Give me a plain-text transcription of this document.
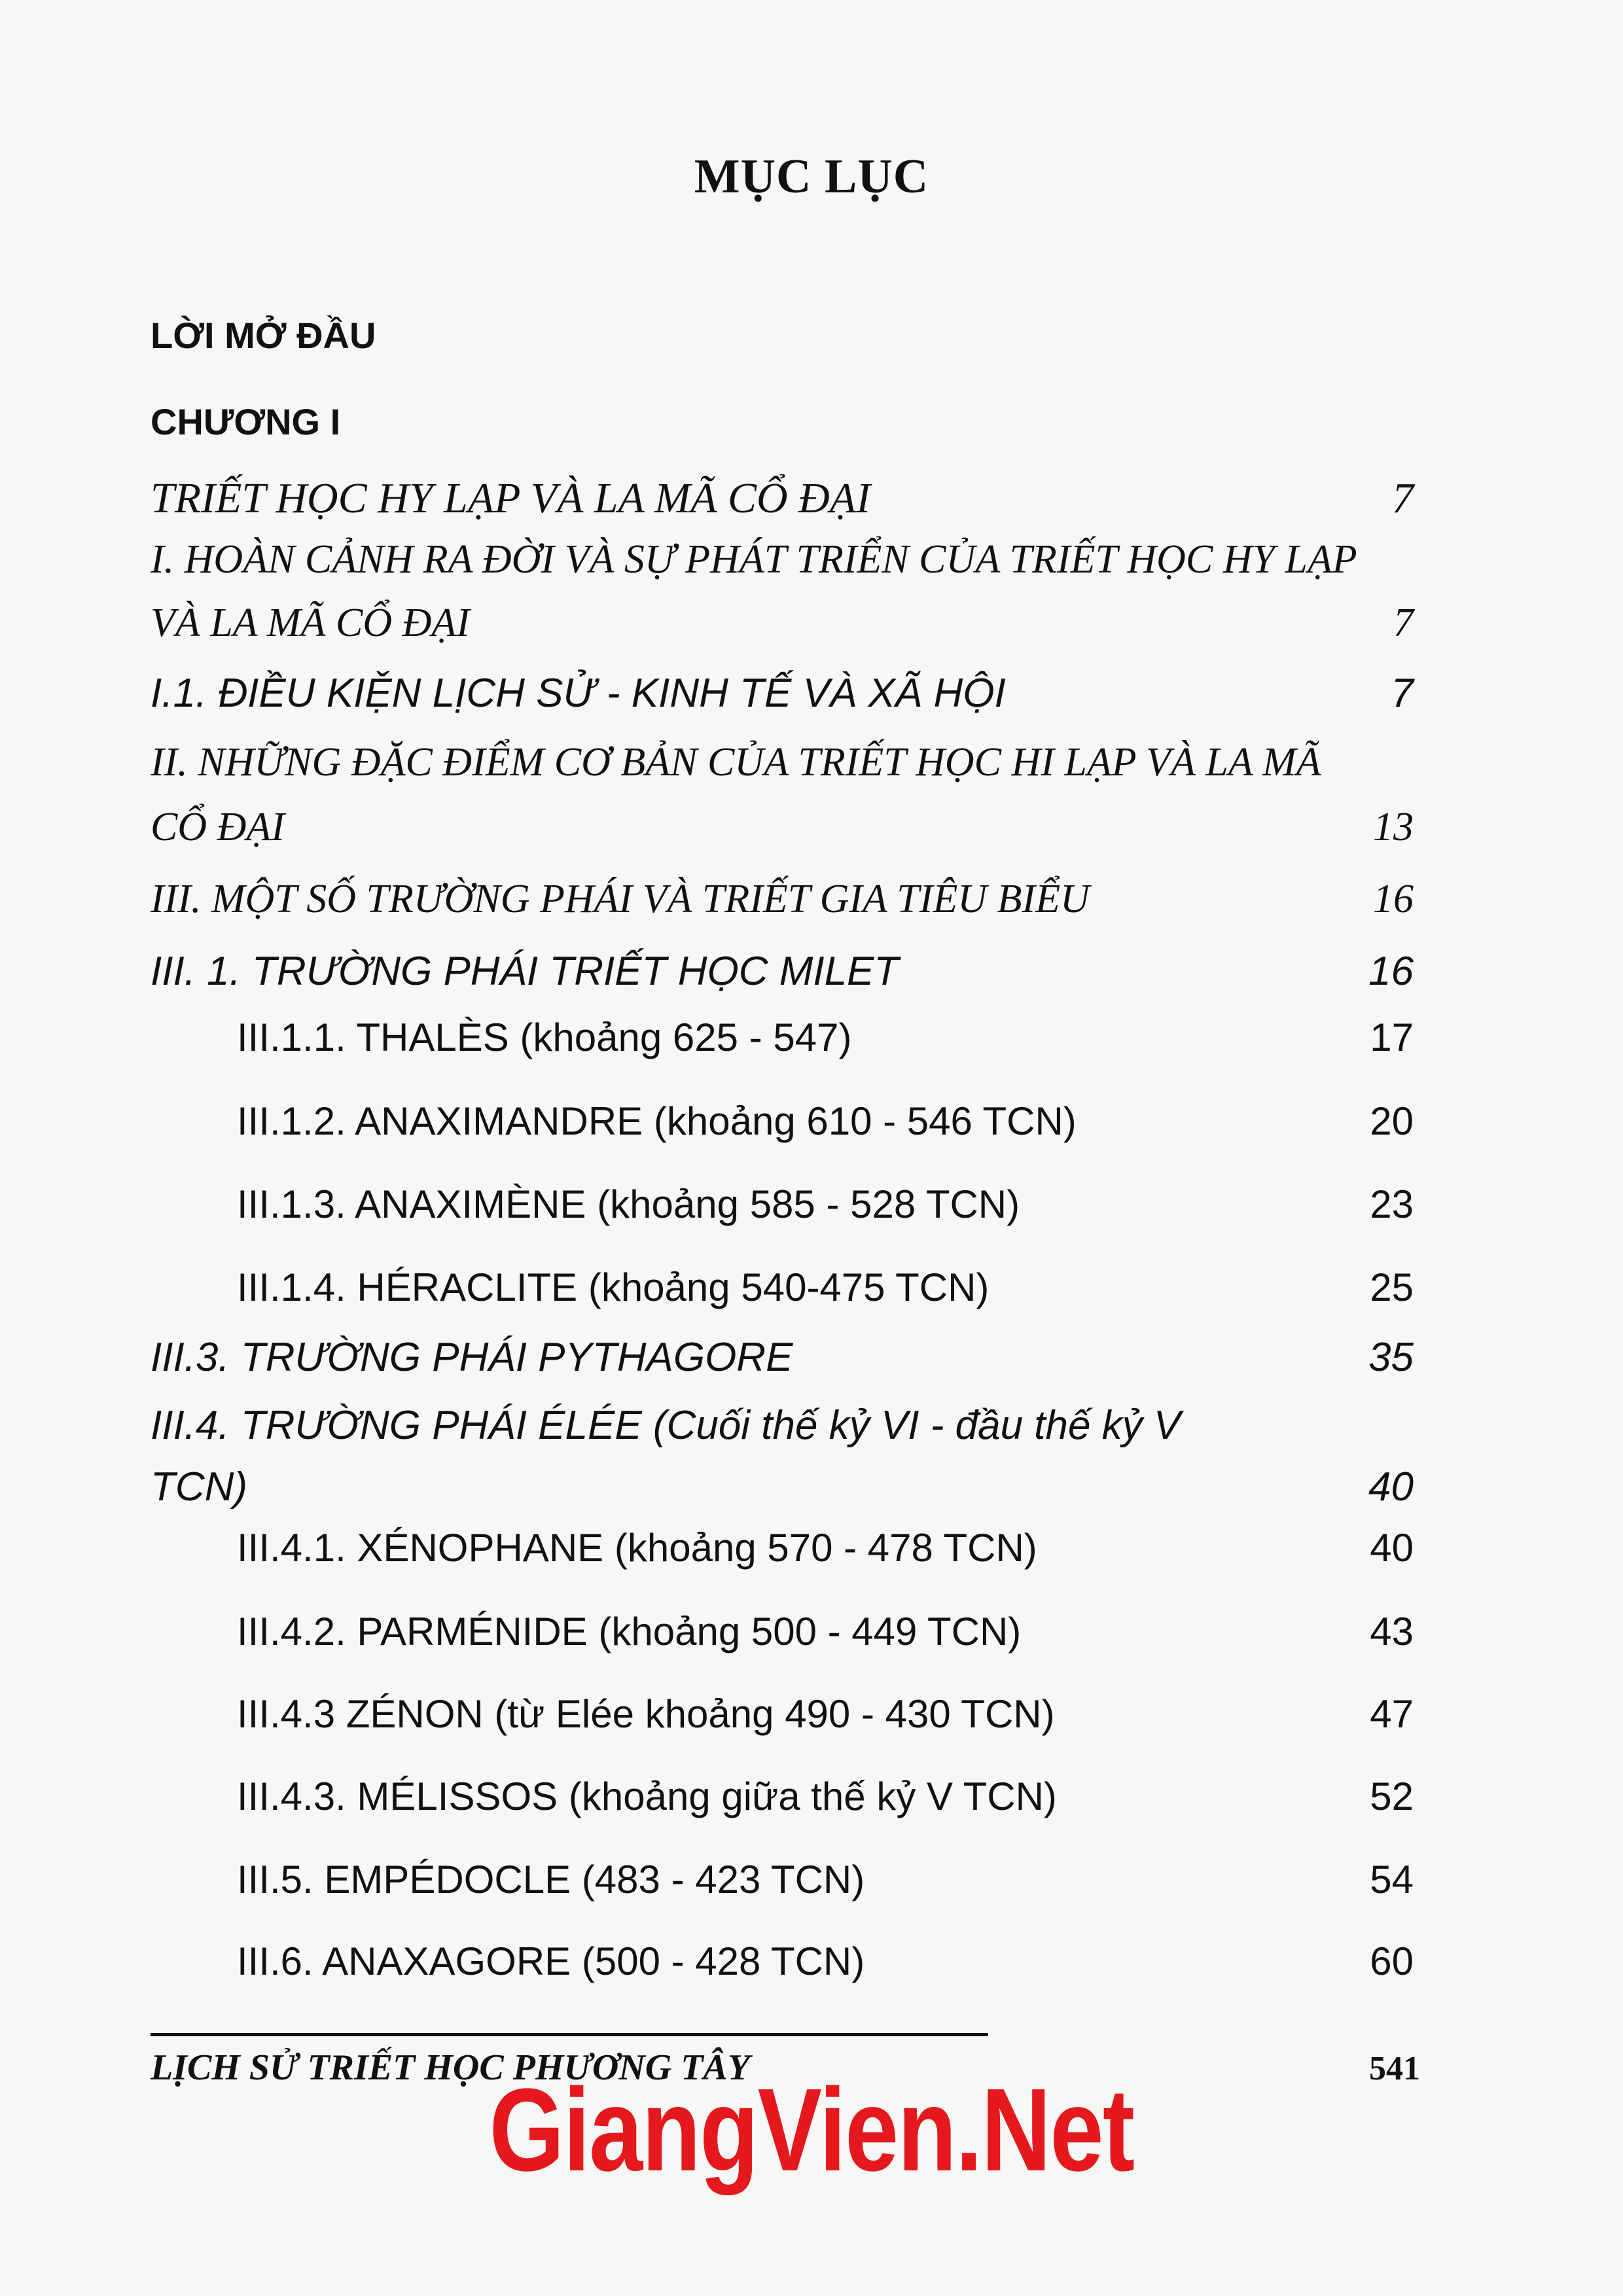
MỤC LỤC
LỜI MỞ ĐẦU
CHƯƠNG I
TRIẾT HỌC HY LẠP VÀ LA MÃ CỔ ĐẠI	7
I. HOÀN CẢNH RA ĐỜI VÀ SỰ PHÁT TRIỂN CỦA TRIẾT HỌC HY LẠP
VÀ LA MÃ CỔ ĐẠI	7
I.1. ĐIỀU KIỆN LỊCH SỬ - KINH TẾ VÀ XÃ HỘI	7
II. NHỮNG ĐẶC ĐIỂM CƠ BẢN CỦA TRIẾT HỌC HI LẠP VÀ LA MÃ
CỔ ĐẠI	13
III. MỘT SỐ TRƯỜNG PHÁI VÀ TRIẾT GIA TIÊU BIỂU	16
III. 1. TRƯỜNG PHÁI TRIẾT HỌC MILET	16
III.1.1. THALÈS (khoảng 625 - 547)	17
III.1.2. ANAXIMANDRE (khoảng 610 - 546 TCN)	20
III.1.3. ANAXIMÈNE (khoảng 585 - 528 TCN)	23
III.1.4. HÉRACLITE (khoảng 540-475 TCN)	25
III.3. TRƯỜNG PHÁI PYTHAGORE	35
III.4. TRƯỜNG PHÁI ÉLÉE (Cuối thế kỷ VI - đầu thế kỷ V
TCN)	40
III.4.1. XÉNOPHANE (khoảng 570 - 478 TCN)	40
III.4.2. PARMÉNIDE (khoảng 500 - 449 TCN)	43
III.4.3 ZÉNON (từ Elée khoảng 490 - 430 TCN)	47
III.4.3. MÉLISSOS (khoảng giữa thế kỷ V TCN)	52
III.5. EMPÉDOCLE (483 - 423 TCN)	54
III.6. ANAXAGORE (500 - 428 TCN)	60
LỊCH SỬ TRIẾT HỌC PHƯƠNG TÂY	541
GiangVien.Net
